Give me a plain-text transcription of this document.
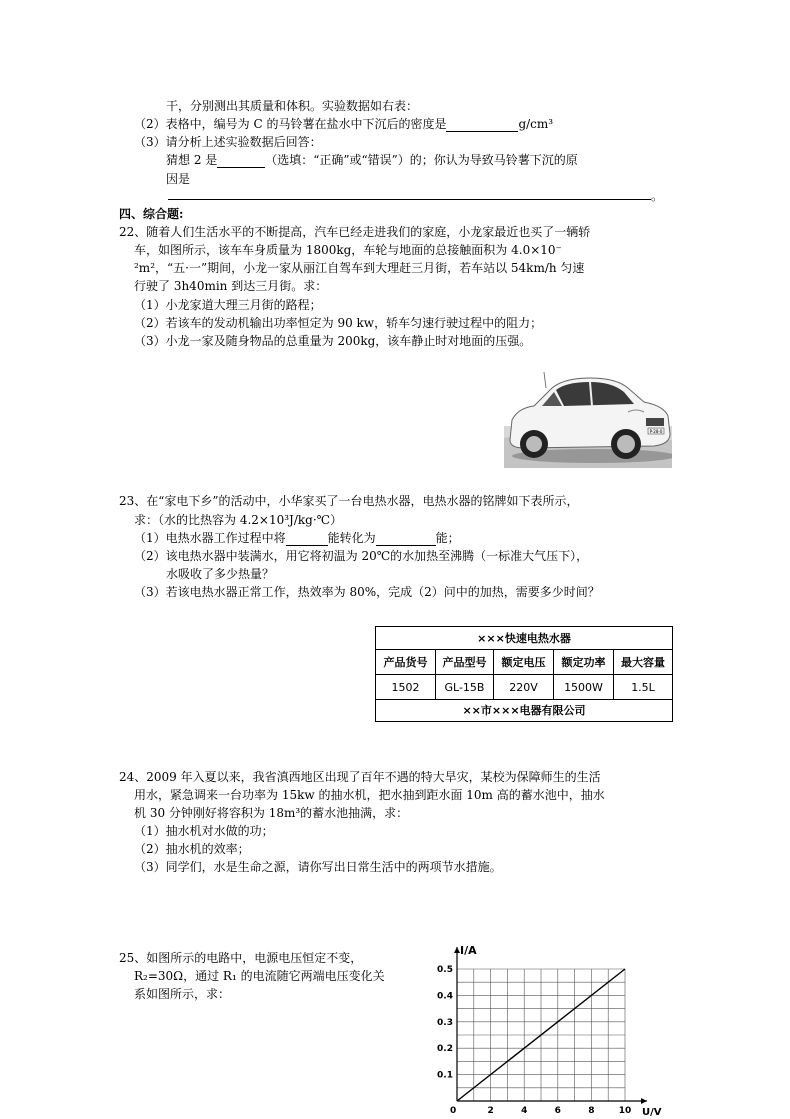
干，分别测出其质量和体积。实验数据如右表：
（2）表格中，编号为 C 的马铃薯在盐水中下沉后的密度是	g/cm³
（3）请分析上述实验数据后回答：
猜想 2 是	（选填：“正确”或“错误”）的；你认为导致马铃薯下沉的原
因是
。
四、综合题:
22、随着人们生活水平的不断提高，汽车已经走进我们的家庭，小龙家最近也买了一辆轿
车，如图所示，该车车身质量为 1800kg，车轮与地面的总接触面积为 4.0×10⁻
²m²，“五·一”期间，小龙一家从丽江自驾车到大理赶三月街，若车站以 54km/h 匀速
行驶了 3h40min 到达三月街。求：
（1）小龙家道大理三月街的路程；
（2）若该车的发动机输出功率恒定为 90 kw，轿车匀速行驶过程中的阻力；
（3）小龙一家及随身物品的总重量为 200kg，该车静止时对地面的压强。
P·28-0
23、在“家电下乡”的活动中，小华家买了一台电热水器，电热水器的铭牌如下表所示，
求：（水的比热容为 4.2×10³J/kg·℃）
（1）电热水器工作过程中将	能转化为	能；
（2）该电热水器中装满水，用它将初温为 20℃的水加热至沸腾（一标准大气压下），
水吸收了多少热量？
（3）若该电热水器正常工作，热效率为 80%，完成（2）问中的加热，需要多少时间？
×××快速电热水器
产品货号	产品型号	额定电压	额定功率	最大容量
1502	GL-15B	220V	1500W	1.5L
××市×××电器有限公司
24、2009 年入夏以来，我省滇西地区出现了百年不遇的特大旱灾，某校为保障师生的生活
用水，紧急调来一台功率为 15kw 的抽水机，把水抽到距水面 10m 高的蓄水池中，抽水
机 30 分钟刚好将容积为 18m³的蓄水池抽满，求：
（1）抽水机对水做的功；
（2）抽水机的效率；
（3）同学们，水是生命之源，请你写出日常生活中的两项节水措施。
25、如图所示的电路中，电源电压恒定不变，
R₂=30Ω，通过 R₁ 的电流随它两端电压变化关
系如图所示，求：
2	4	6	8	10
0.1
0.2
0.3
0.4
0.5
I/A
U/V
0
